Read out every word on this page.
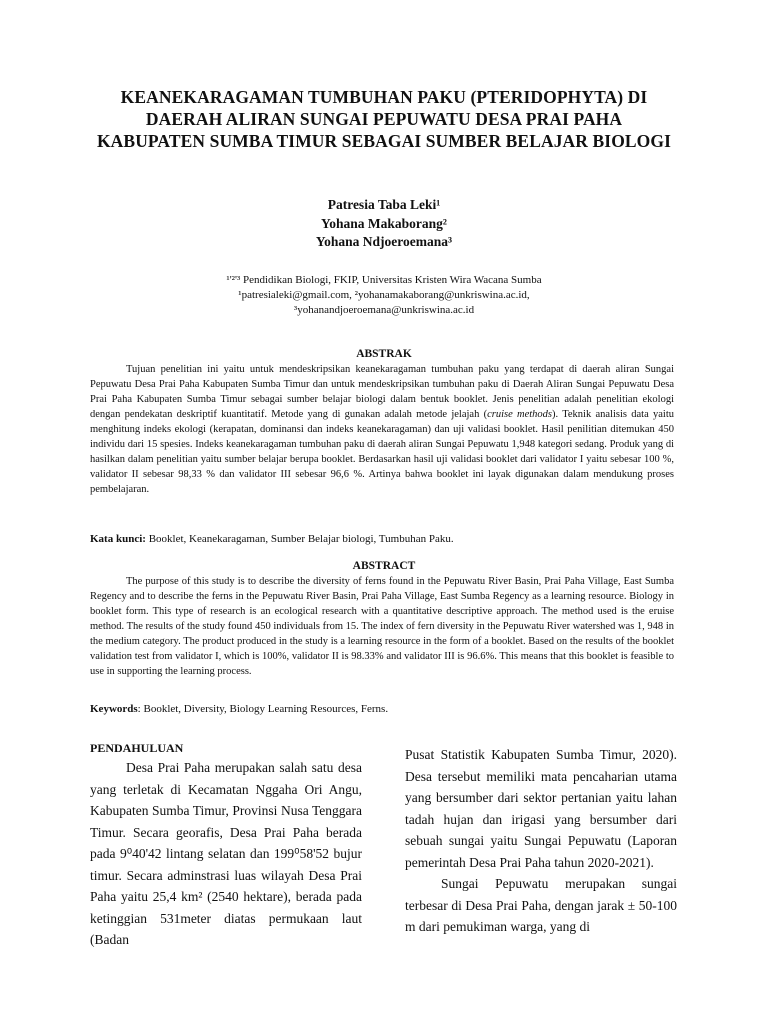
KEANEKARAGAMAN TUMBUHAN PAKU (PTERIDOPHYTA) DI DAERAH ALIRAN SUNGAI PEPUWATU DESA PRAI PAHA KABUPATEN SUMBA TIMUR SEBAGAI SUMBER BELAJAR BIOLOGI
Patresia Taba Leki¹
Yohana Makaborang²
Yohana Ndjoeroemana³
¹'²'³ Pendidikan Biologi, FKIP, Universitas Kristen Wira Wacana Sumba
¹patresialeki@gmail.com, ²yohanamakaborang@unkriswina.ac.id,
³yohanandjoeroemana@unkriswina.ac.id
ABSTRAK

Tujuan penelitian ini yaitu untuk mendeskripsikan keanekaragaman tumbuhan paku yang terdapat di daerah aliran Sungai Pepuwatu Desa Prai Paha Kabupaten Sumba Timur dan untuk mendeskripsikan tumbuhan paku di Daerah Aliran Sungai Pepuwatu Desa Prai Paha Kabupaten Sumba Timur sebagai sumber belajar biologi dalam bentuk booklet. Jenis penelitian adalah penelitian ekologi dengan pendekatan deskriptif kuantitatif. Metode yang di gunakan adalah metode jelajah (cruise methods). Teknik analisis data yaitu menghitung indeks ekologi (kerapatan, dominansi dan indeks keanekaragaman) dan uji validasi booklet. Hasil penilitian ditemukan 450 individu dari 15 spesies. Indeks keanekaragaman tumbuhan paku di daerah aliran Sungai Pepuwatu 1,948 kategori sedang. Produk yang di hasilkan dalam penelitian yaitu sumber belajar berupa booklet. Berdasarkan hasil uji validasi booklet dari validator I yaitu sebesar 100 %, validator II sebesar 98,33 % dan validator III sebesar 96,6 %. Artinya bahwa booklet ini layak digunakan dalam mendukung proses pembelajaran.

Kata kunci: Booklet, Keanekaragaman, Sumber Belajar biologi, Tumbuhan Paku.
ABSTRACT

The purpose of this study is to describe the diversity of ferns found in the Pepuwatu River Basin, Prai Paha Village, East Sumba Regency and to describe the ferns in the Pepuwatu River Basin, Prai Paha Village, East Sumba Regency as a learning resource. Biology in booklet form. This type of research is an ecological research with a quantitative descriptive approach. The method used is the eruise method. The results of the study found 450 individuals from 15. The index of fern diversity in the Pepuwatu River watershed was 1, 948 in the medium category. The product produced in the study is a learning resource in the form of a booklet. Based on the results of the booklet validation test from validator I, which is 100%, validator II is 98.33% and validator III is 96.6%. This means that this booklet is feasible to use in supporting the learning process.

Keywords: Booklet, Diversity, Biology Learning Resources, Ferns.
PENDAHULUAN

Desa Prai Paha merupakan salah satu desa yang terletak di Kecamatan Nggaha Ori Angu, Kabupaten Sumba Timur, Provinsi Nusa Tenggara Timur. Secara georafis, Desa Prai Paha berada pada 9⁰40'42 lintang selatan dan 199⁰58'52 bujur timur. Secara adminstrasi luas wilayah Desa Prai Paha yaitu 25,4 km² (2540 hektare), berada pada ketinggian 531meter diatas permukaan laut (Badan

Pusat Statistik Kabupaten Sumba Timur, 2020). Desa tersebut memiliki mata pencaharian utama yang bersumber dari sektor pertanian yaitu lahan tadah hujan dan irigasi yang bersumber dari sebuah sungai yaitu Sungai Pepuwatu (Laporan pemerintah Desa Prai Paha tahun 2020-2021).

Sungai Pepuwatu merupakan sungai terbesar di Desa Prai Paha, dengan jarak ± 50-100 m dari pemukiman warga, yang di
